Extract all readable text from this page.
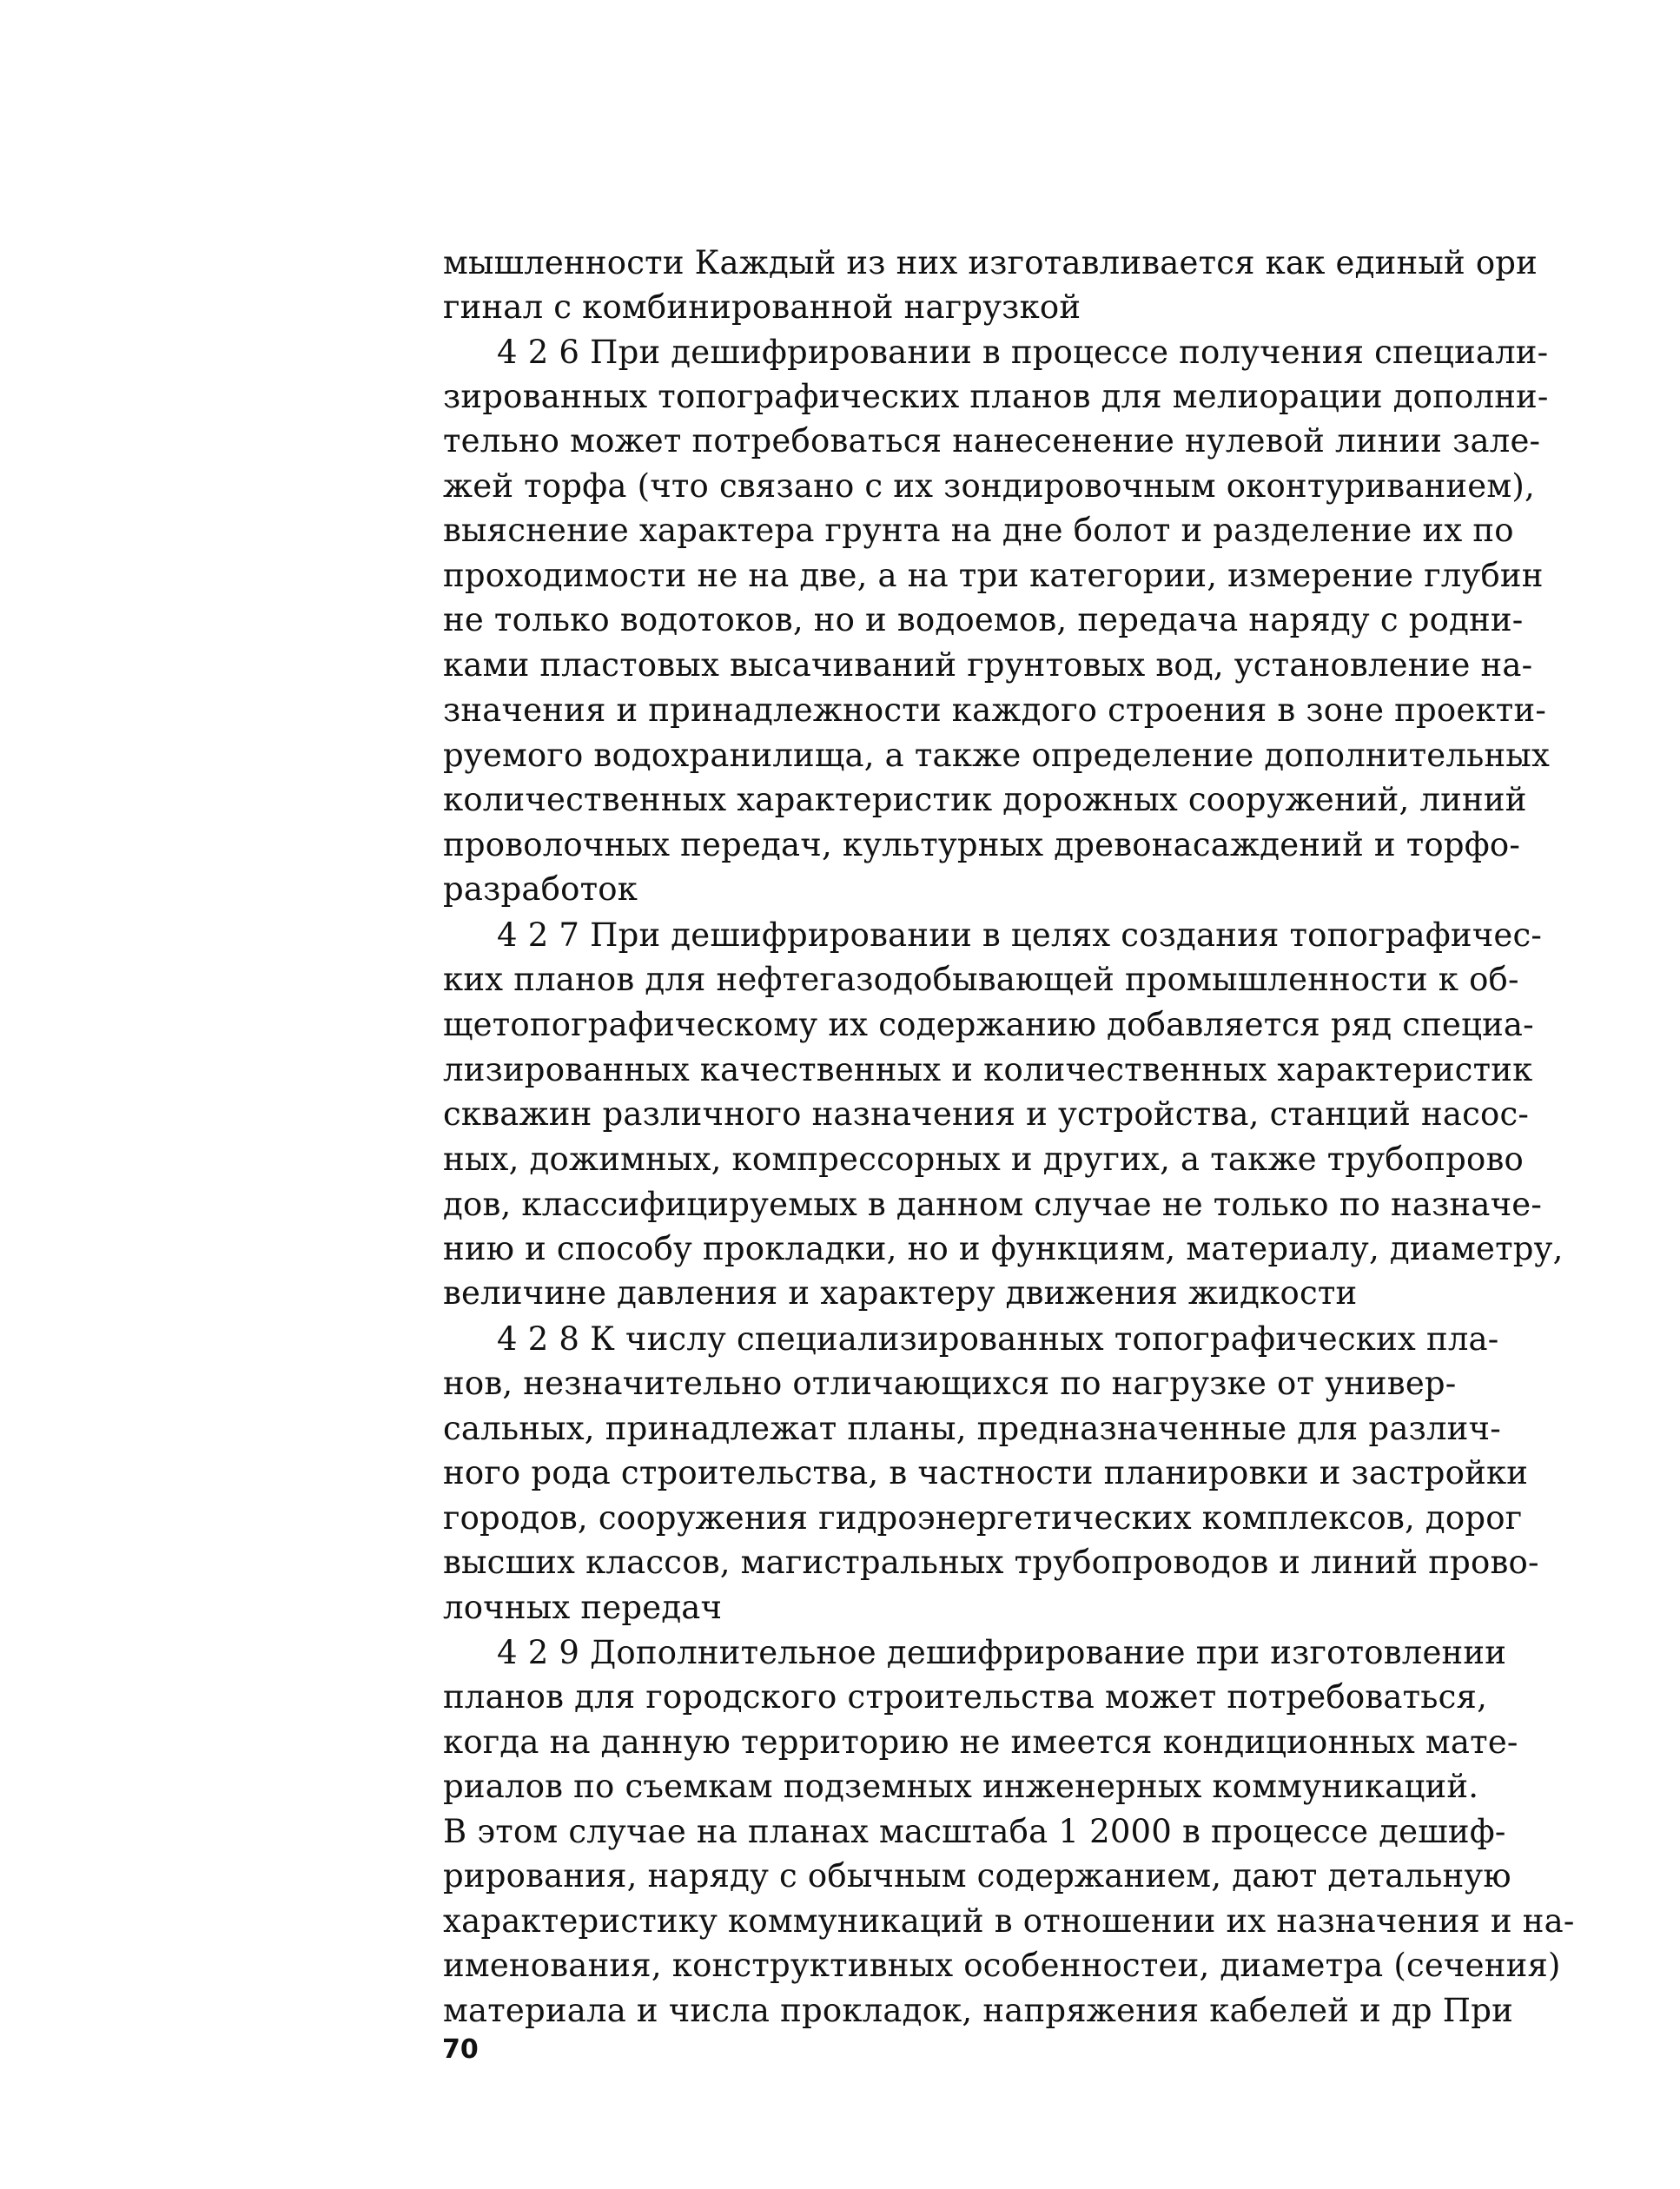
мышленности Каждый из них изготавливается как единый ори
гинал с комбинированной нагрузкой
4 2 6 При дешифрировании в процессе получения специали-
зированных топографических планов для мелиорации дополни-
тельно может потребоваться нанесенение нулевой линии залe-
жей торфа (что связано с их зондировочным оконтуриванием),
выяснение характера грунта на дне болот и разделение их по
проходимости не на две, а на три категории, измерение глубин
не только водотоков, но и водоемов, передача наряду с родни-
ками пластовых высачиваний грунтовых вод, установление на-
значения и принадлежности каждого строения в зоне проекти-
руемого водохранилища, а также определение дополнительных
количественных характеристик дорожных сооружений, линий
проволочных передач, культурных древонасаждений и торфо-
разработок
4 2 7 При дешифрировании в целях создания топографичес-
ких планов для нефтегазодобывающей промышленности к об-
щетопографическому их содержанию добавляется ряд специа-
лизированных качественных и количественных характеристик
скважин различного назначения и устройства, станций насос-
ных, дожимных, компрессорных и других, а также трубопрово
дов, классифицируемых в данном случае не только по назначе-
нию и способу прокладки, но и функциям, материалу, диаметру,
величине давления и характеру движения жидкости
4 2 8 К числу специализированных топографических пла-
нов, незначительно отличающихся по нагрузке от универ-
сальных, принадлежат планы, предназначенные для различ-
ного рода строительства, в частности планировки и застройки
городов, сооружения гидроэнергетических комплексов, дорог
высших классов, магистральных трубопроводов и линий прово-
лочных передач
4 2 9 Дополнительное дешифрирование при изготовлении
планов для городского строительства может потребоваться,
когда на данную территорию не имеется кондиционных мате-
риалов по съемкам подземных инженерных коммуникаций.
В этом случае на планах масштаба 1 2000 в процессе дешиф-
рирования, наряду с обычным содержанием, дают детальную
характеристику коммуникаций в отношении их назначения и на-
именования, конструктивных особенностеи, диаметра (сечения)
материала и числа прокладок, напряжения кабелей и др При
70
